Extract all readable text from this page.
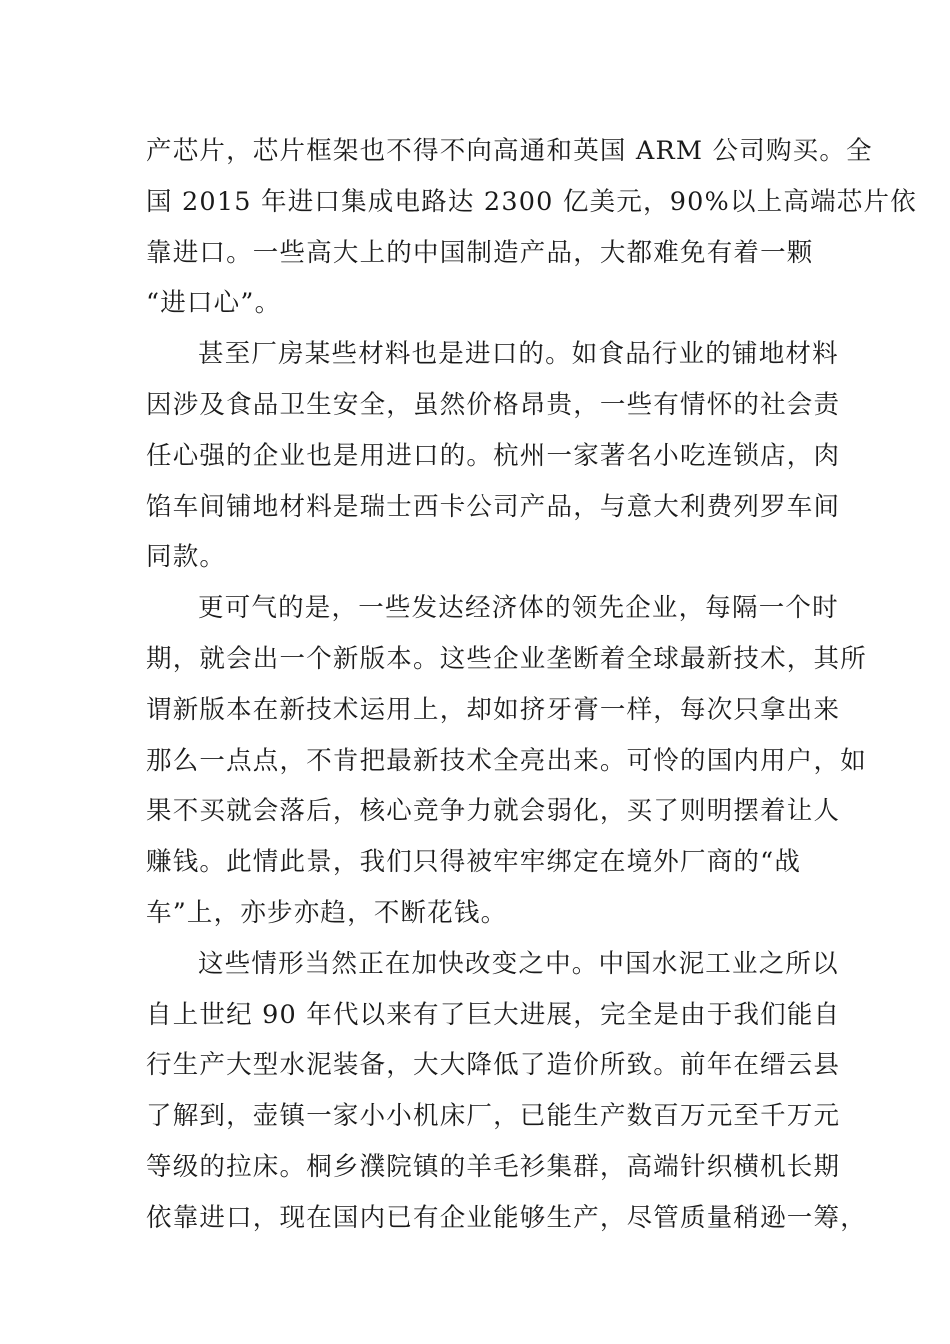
产芯片，芯片框架也不得不向高通和英国 ARM 公司购买。全
国 2015 年进口集成电路达 2300 亿美元，90%以上高端芯片依
靠进口。一些高大上的中国制造产品，大都难免有着一颗
“进口心”。
甚至厂房某些材料也是进口的。如食品行业的铺地材料
因涉及食品卫生安全，虽然价格昂贵，一些有情怀的社会责
任心强的企业也是用进口的。杭州一家著名小吃连锁店，肉
馅车间铺地材料是瑞士西卡公司产品，与意大利费列罗车间
同款。
更可气的是，一些发达经济体的领先企业，每隔一个时
期，就会出一个新版本。这些企业垄断着全球最新技术，其所
谓新版本在新技术运用上，却如挤牙膏一样，每次只拿出来
那么一点点，不肯把最新技术全亮出来。可怜的国内用户，如
果不买就会落后，核心竞争力就会弱化，买了则明摆着让人
赚钱。此情此景，我们只得被牢牢绑定在境外厂商的“战
车”上，亦步亦趋，不断花钱。
这些情形当然正在加快改变之中。中国水泥工业之所以
自上世纪 90 年代以来有了巨大进展，完全是由于我们能自
行生产大型水泥装备，大大降低了造价所致。前年在缙云县
了解到，壶镇一家小小机床厂，已能生产数百万元至千万元
等级的拉床。桐乡濮院镇的羊毛衫集群，高端针织横机长期
依靠进口，现在国内已有企业能够生产，尽管质量稍逊一筹，
